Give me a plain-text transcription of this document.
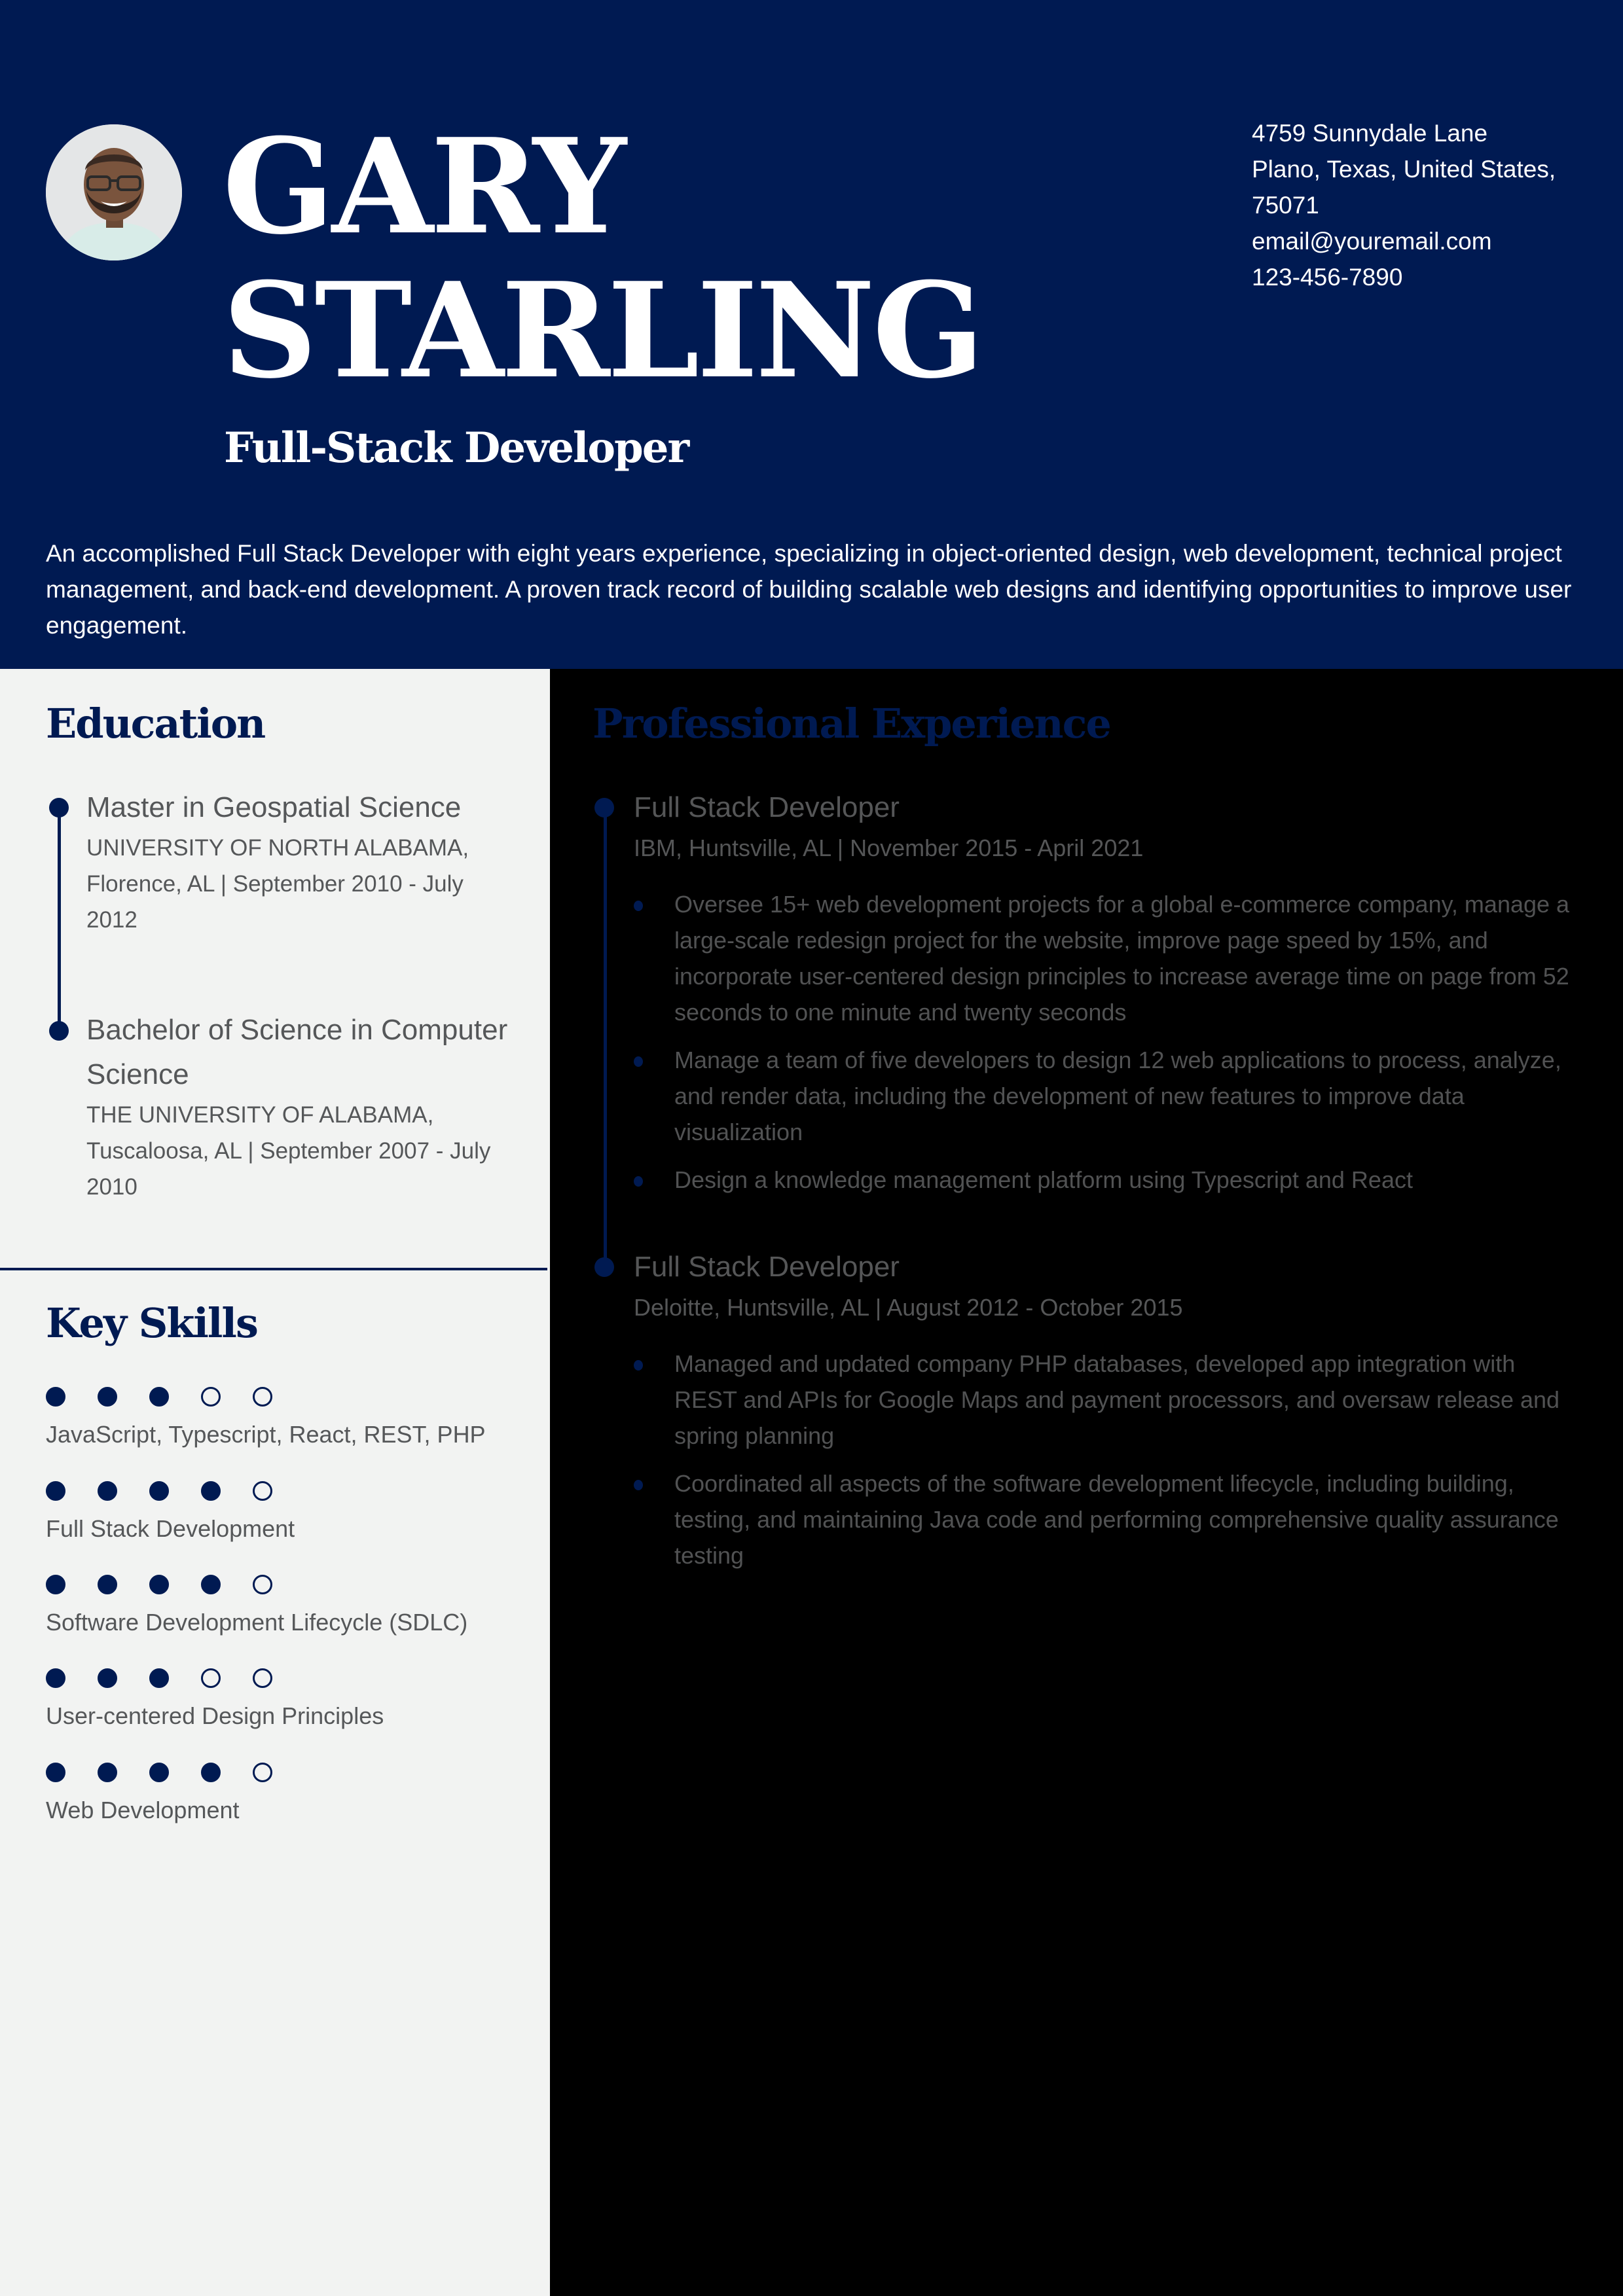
GARY
STARLING
Full-Stack Developer
4759 Sunnydale Lane
Plano, Texas, United States,
75071
email@youremail.com
123-456-7890

An accomplished Full Stack Developer with eight years experience, specializing in object-oriented design, web development, technical project management, and back-end development. A proven track record of building scalable web designs and identifying opportunities to improve user engagement.

Education
Master in Geospatial Science
UNIVERSITY OF NORTH ALABAMA,
Florence, AL | September 2010 - July 2012
Bachelor of Science in Computer Science
THE UNIVERSITY OF ALABAMA,
Tuscaloosa, AL | September 2007 - July 2010
Key Skills
JavaScript, Typescript, React, REST, PHP
Full Stack Development
Software Development Lifecycle (SDLC)
User-centered Design Principles
Web Development
Professional Experience
Full Stack Developer
IBM, Huntsville, AL | November 2015 - April 2021
Oversee 15+ web development projects for a global e-commerce company, manage a large-scale redesign project for the website, improve page speed by 15%, and incorporate user-centered design principles to increase average time on page from 52 seconds to one minute and twenty seconds
Manage a team of five developers to design 12 web applications to process, analyze, and render data, including the development of new features to improve data visualization
Design a knowledge management platform using Typescript and React
Full Stack Developer
Deloitte, Huntsville, AL | August 2012 - October 2015
Managed and updated company PHP databases, developed app integration with REST and APIs for Google Maps and payment processors, and oversaw release and spring planning
Coordinated all aspects of the software development lifecycle, including building, testing, and maintaining Java code and performing comprehensive quality assurance testing
